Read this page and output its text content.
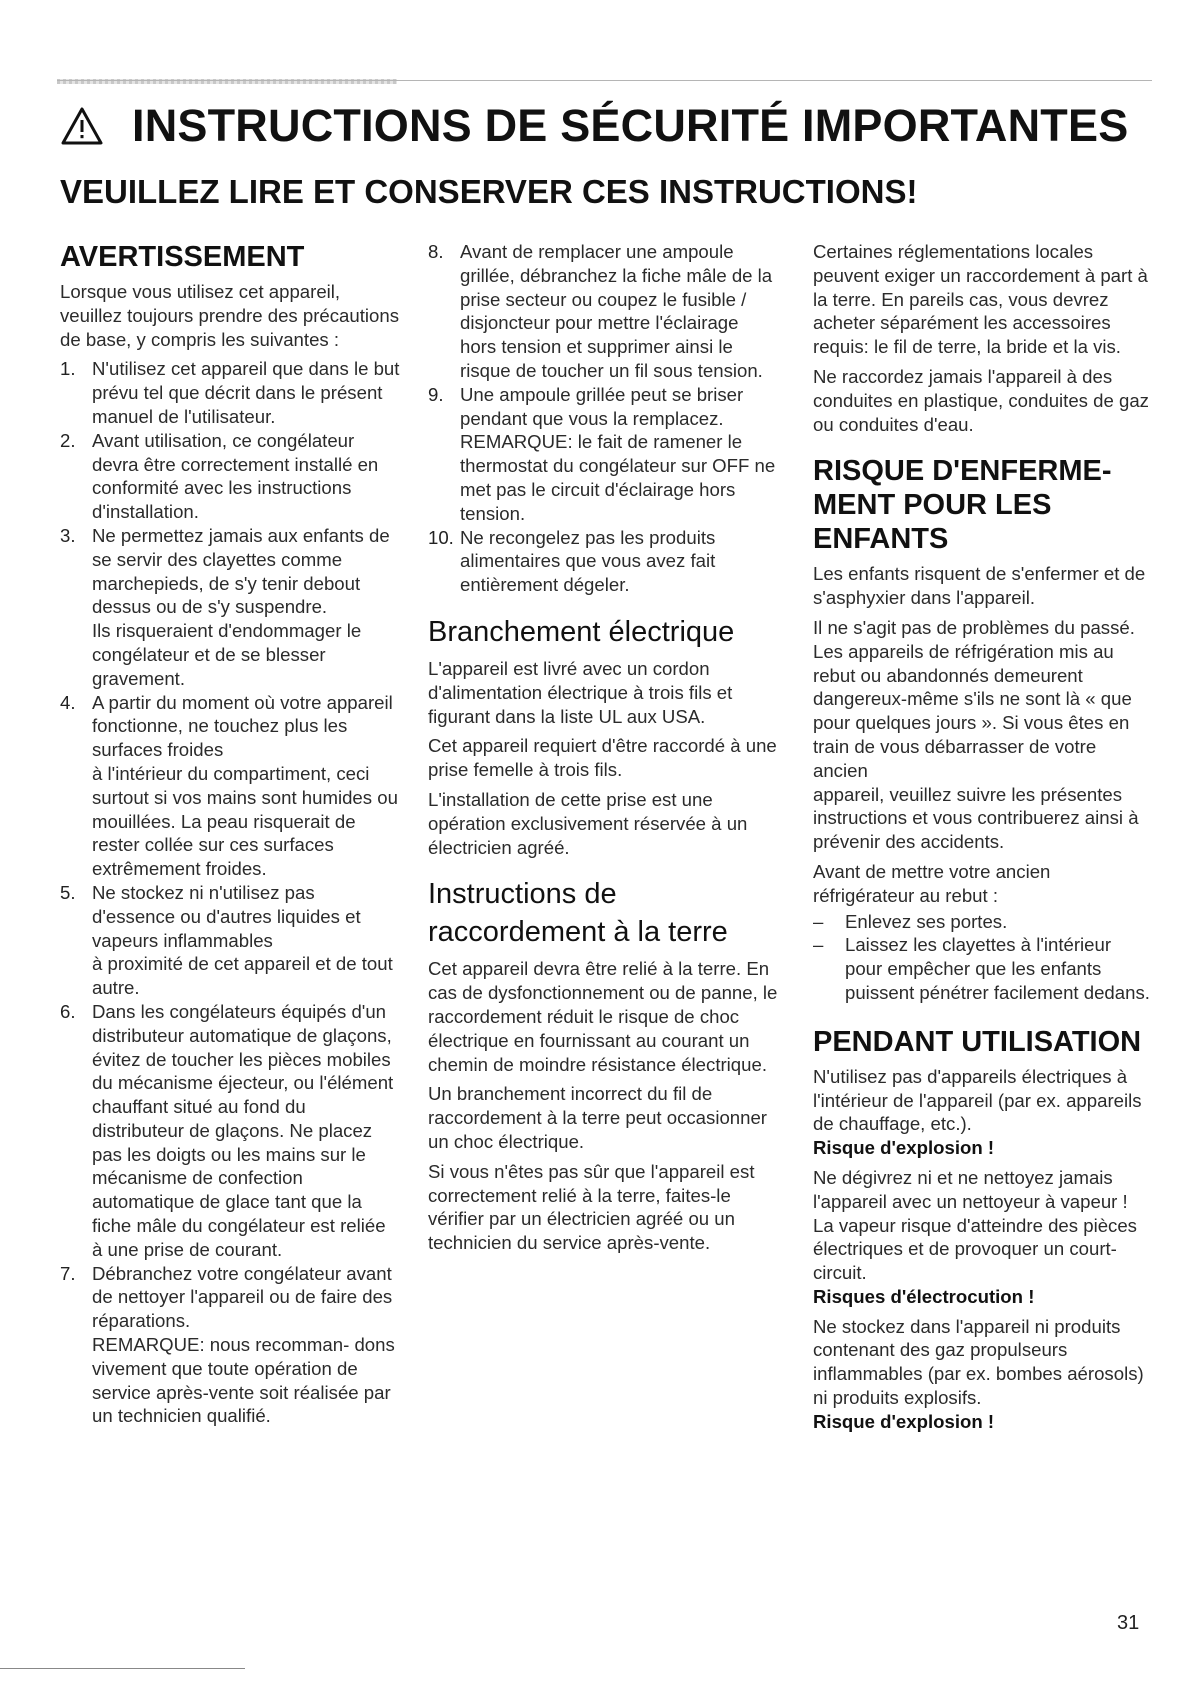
INSTRUCTIONS DE SÉCURITÉ IMPORTANTES
VEUILLEZ LIRE ET CONSERVER CES INSTRUCTIONS!
AVERTISSEMENT

Lorsque vous utilisez cet appareil, veuillez toujours prendre des précautions de base, y compris les suivantes :

1. N'utilisez cet appareil que dans le but prévu tel que décrit dans le présent manuel de l'utilisateur.
2. Avant utilisation, ce congélateur devra être correctement installé en conformité avec les instructions d'installation.
3. Ne permettez jamais aux enfants de se servir des clayettes comme marchepieds, de s'y tenir debout dessus ou de s'y suspendre.
Ils risqueraient d'endommager le congélateur et de se blesser gravement.
4. A partir du moment où votre appareil fonctionne, ne touchez plus les surfaces froides
à l'intérieur du compartiment, ceci surtout si vos mains sont humides ou mouillées. La peau risquerait de rester collée sur ces surfaces extrêmement froides.
5. Ne stockez ni n'utilisez pas d'essence ou d'autres liquides et vapeurs inflammables
à proximité de cet appareil et de tout autre.
6. Dans les congélateurs équipés d'un distributeur automatique de glaçons, évitez de toucher les pièces mobiles du mécanisme éjecteur, ou l'élément chauffant situé au fond du distributeur de glaçons. Ne placez pas les doigts ou les mains sur le mécanisme de confection automatique de glace tant que la fiche mâle du congélateur est reliée à une prise de courant.
7. Débranchez votre congélateur avant de nettoyer l'appareil ou de faire des réparations.
REMARQUE: nous recomman- dons vivement que toute opération de service après-vente soit réalisée par un technicien qualifié.
8. Avant de remplacer une ampoule grillée, débranchez la fiche mâle de la prise secteur ou coupez le fusible / disjoncteur pour mettre l'éclairage hors tension et supprimer ainsi le risque de toucher un fil sous tension.
9. Une ampoule grillée peut se briser pendant que vous la remplacez.
REMARQUE: le fait de ramener le thermostat du congélateur sur OFF ne met pas le circuit d'éclairage hors tension.
10. Ne recongelez pas les produits alimentaires que vous avez fait entièrement dégeler.
Branchement électrique

L'appareil est livré avec un cordon d'alimentation électrique à trois fils et figurant dans la liste UL aux USA.

Cet appareil requiert d'être raccordé à une prise femelle à trois fils.

L'installation de cette prise est une opération exclusivement réservée à un électricien agréé.

Instructions de raccordement à la terre

Cet appareil devra être relié à la terre. En cas de dysfonctionnement ou de panne, le raccordement réduit le risque de choc électrique en fournissant au courant un chemin de moindre résistance électrique.

Un branchement incorrect du fil de raccordement à la terre peut occasionner un choc électrique.

Si vous n'êtes pas sûr que l'appareil est correctement relié à la terre, faites-le vérifier par un électricien agréé ou un technicien du service après-vente.

Certaines réglementations locales peuvent exiger un raccordement à part à la terre. En pareils cas, vous devrez acheter séparément les accessoires requis: le fil de terre, la bride et la vis.

Ne raccordez jamais l'appareil à des conduites en plastique, conduites de gaz ou conduites d'eau.

RISQUE D'ENFERME- MENT POUR LES ENFANTS

Les enfants risquent de s'enfermer et de s'asphyxier dans l'appareil.

Il ne s'agit pas de problèmes du passé. Les appareils de réfrigération mis au rebut ou abandonnés demeurent dangereux-même s'ils ne sont là « que pour quelques jours ». Si vous êtes en train de vous débarrasser de votre ancien

appareil, veuillez suivre les présentes instructions et vous contribuerez ainsi à prévenir des accidents.

Avant de mettre votre ancien réfrigérateur au rebut :

–	Enlevez ses portes.
–	Laissez les clayettes à l'intérieur pour empêcher que les enfants puissent pénétrer facilement dedans.
PENDANT UTILISATION

N'utilisez pas d'appareils électriques à l'intérieur de l'appareil (par ex. appareils de chauffage, etc.).

Risque d'explosion !

Ne dégivrez ni et ne nettoyez jamais l'appareil avec un nettoyeur à vapeur ! La vapeur risque d'atteindre des pièces électriques et de provoquer un court-circuit.

Risques d'électrocution !

Ne stockez dans l'appareil ni produits contenant des gaz propulseurs inflammables (par ex. bombes aérosols) ni produits explosifs.

Risque d'explosion !
31
